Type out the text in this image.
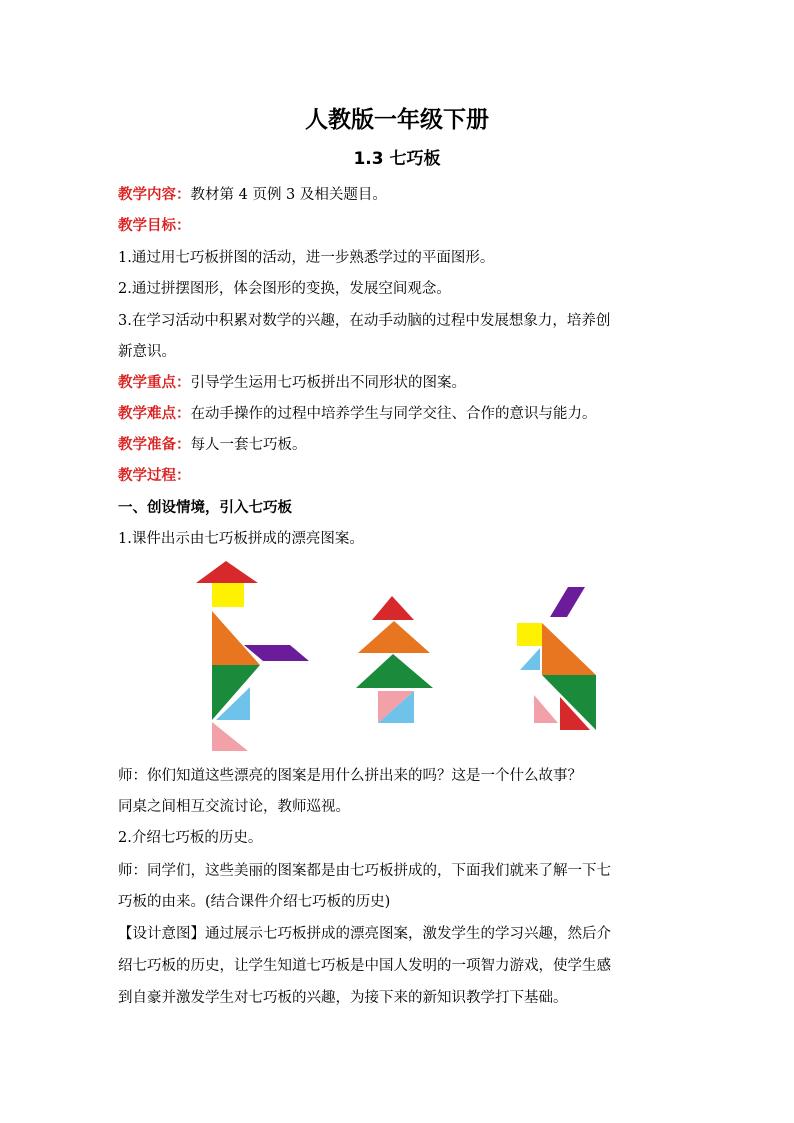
人教版一年级下册
1.3 七巧板
教学内容：教材第 4 页例 3 及相关题目。
教学目标：
1.通过用七巧板拼图的活动，进一步熟悉学过的平面图形。
2.通过拼摆图形，体会图形的变换，发展空间观念。
3.在学习活动中积累对数学的兴趣，在动手动脑的过程中发展想象力，培养创
新意识。
教学重点：引导学生运用七巧板拼出不同形状的图案。
教学难点：在动手操作的过程中培养学生与同学交往、合作的意识与能力。
教学准备：每人一套七巧板。
教学过程：
一、创设情境，引入七巧板
1.课件出示由七巧板拼成的漂亮图案。
师：你们知道这些漂亮的图案是用什么拼出来的吗？这是一个什么故事？
同桌之间相互交流讨论，教师巡视。
2.介绍七巧板的历史。
师：同学们，这些美丽的图案都是由七巧板拼成的，下面我们就来了解一下七
巧板的由来。(结合课件介绍七巧板的历史)
【设计意图】通过展示七巧板拼成的漂亮图案，激发学生的学习兴趣，然后介
绍七巧板的历史，让学生知道七巧板是中国人发明的一项智力游戏，使学生感
到自豪并激发学生对七巧板的兴趣，为接下来的新知识教学打下基础。
